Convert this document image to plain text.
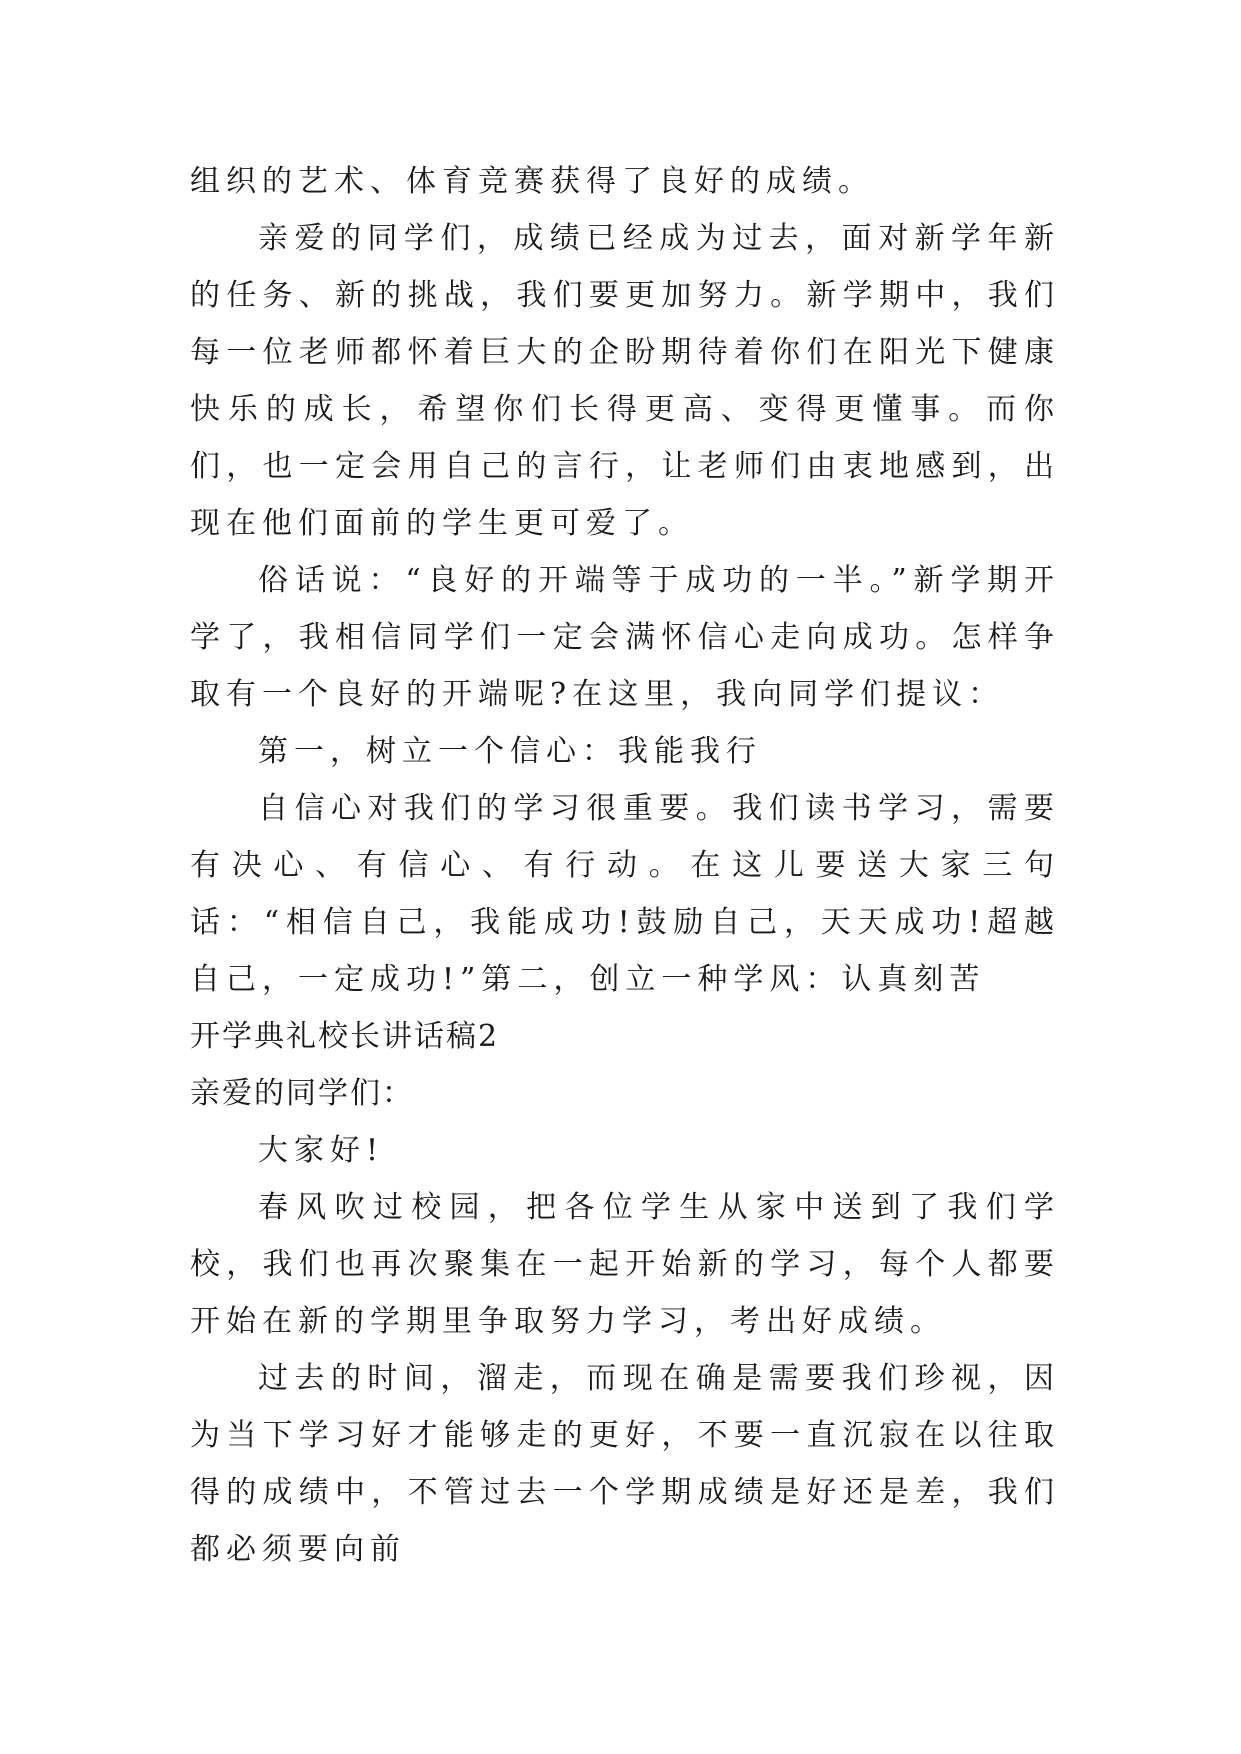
组织的艺术、体育竞赛获得了良好的成绩。

亲爱的同学们，成绩已经成为过去，面对新学年新的任务、新的挑战，我们要更加努力。新学期中，我们每一位老师都怀着巨大的企盼期待着你们在阳光下健康快乐的成长，希望你们长得更高、变得更懂事。而你们，也一定会用自己的言行，让老师们由衷地感到，出现在他们面前的学生更可爱了。

俗话说：“良好的开端等于成功的一半。”新学期开学了，我相信同学们一定会满怀信心走向成功。怎样争取有一个良好的开端呢?在这里，我向同学们提议：

第一，树立一个信心：我能我行

自信心对我们的学习很重要。我们读书学习，需要有决心、有信心、有行动。在这儿要送大家三句话：“相信自己，我能成功!鼓励自己，天天成功!超越自己，一定成功!”第二，创立一种学风：认真刻苦

开学典礼校长讲话稿2

亲爱的同学们：

大家好!

春风吹过校园，把各位学生从家中送到了我们学校，我们也再次聚集在一起开始新的学习，每个人都要开始在新的学期里争取努力学习，考出好成绩。

过去的时间，溜走，而现在确是需要我们珍视，因为当下学习好才能够走的更好，不要一直沉寂在以往取得的成绩中，不管过去一个学期成绩是好还是差，我们都必须要向前
